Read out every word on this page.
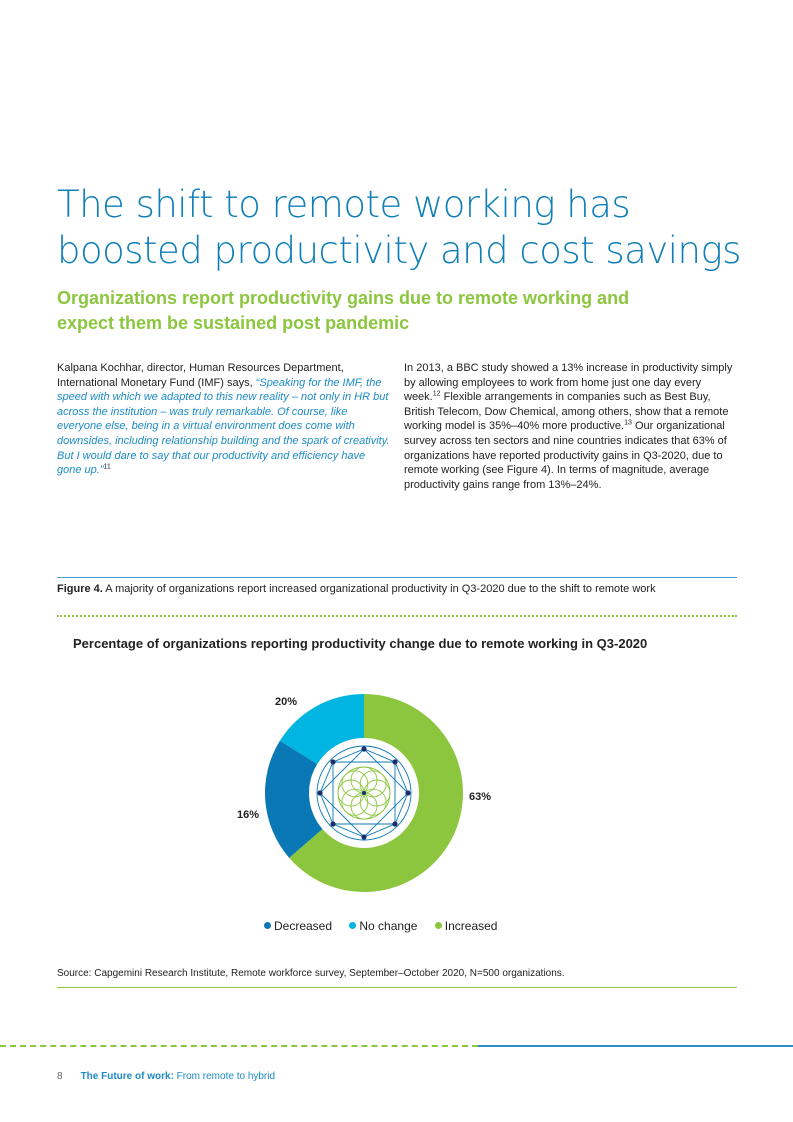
The shift to remote working has
boosted productivity and cost savings
Organizations report productivity gains due to remote working and
expect them be sustained post pandemic
Kalpana Kochhar, director, Human Resources Department, International Monetary Fund (IMF) says, “Speaking for the IMF, the speed with which we adapted to this new reality – not only in HR but across the institution – was truly remarkable. Of course, like everyone else, being in a virtual environment does come with downsides, including relationship building and the spark of creativity. But I would dare to say that our productivity and efficiency have gone up.”$^{11}$
In 2013, a BBC study showed a 13% increase in productivity simply by allowing employees to work from home just one day every week.$^{12}$ Flexible arrangements in companies such as Best Buy, British Telecom, Dow Chemical, among others, show that a remote working model is 35%–40% more productive.$^{13}$ Our organizational survey across ten sectors and nine countries indicates that 63% of organizations have reported productivity gains in Q3-2020, due to remote working (see Figure 4). In terms of magnitude, average productivity gains range from 13%–24%.
Figure 4. A majority of organizations report increased organizational productivity in Q3-2020 due to the shift to remote work
Percentage of organizations reporting productivity change due to remote working in Q3-2020
20%
16%
63%
Decreased No change Increased
Source: Capgemini Research Institute, Remote workforce survey, September–October 2020, N=500 organizations.
8 The Future of work: From remote to hybrid
